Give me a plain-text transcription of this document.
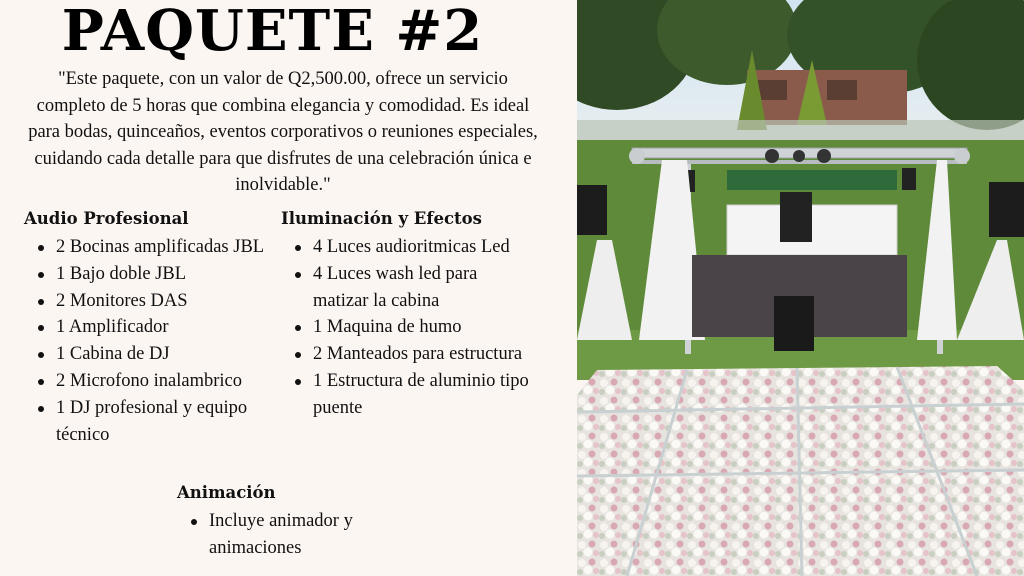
PAQUETE #2
"Este paquete, con un valor de Q2,500.00, ofrece un servicio completo de 5 horas que combina elegancia y comodidad. Es ideal para bodas, quinceaños, eventos corporativos o reuniones especiales, cuidando cada detalle para que disfrutes de una celebración única e inolvidable."
Audio Profesional
2 Bocinas amplificadas JBL
1 Bajo doble JBL
2 Monitores DAS
1 Amplificador
1 Cabina de DJ
2 Microfono inalambrico
1 DJ profesional y equipo técnico
Iluminación y Efectos
4 Luces audioritmicas Led
4 Luces wash led para matizar la cabina
1 Maquina de humo
2 Manteados para estructura
1 Estructura de aluminio tipo puente
Animación
Incluye animador y animaciones
